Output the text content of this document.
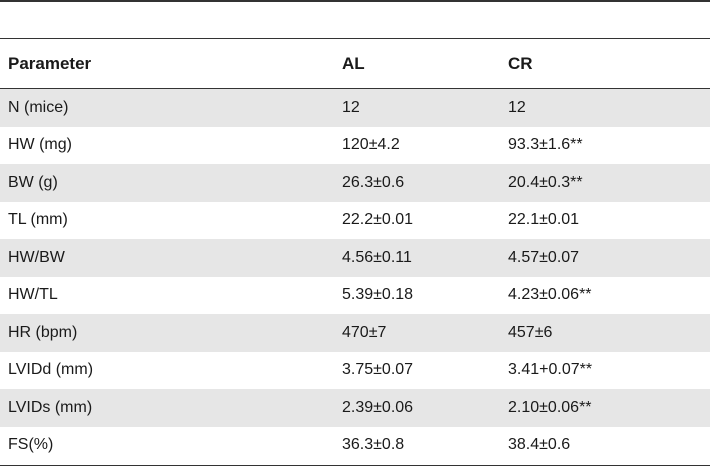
Parameter	AL	CR
N (mice)	12	12
HW (mg)	120±4.2	93.3±1.6**
BW (g)	26.3±0.6	20.4±0.3**
TL (mm)	22.2±0.01	22.1±0.01
HW/BW	4.56±0.11	4.57±0.07
HW/TL	5.39±0.18	4.23±0.06**
HR (bpm)	470±7	457±6
LVIDd (mm)	3.75±0.07	3.41+0.07**
LVIDs (mm)	2.39±0.06	2.10±0.06**
FS(%)	36.3±0.8	38.4±0.6
